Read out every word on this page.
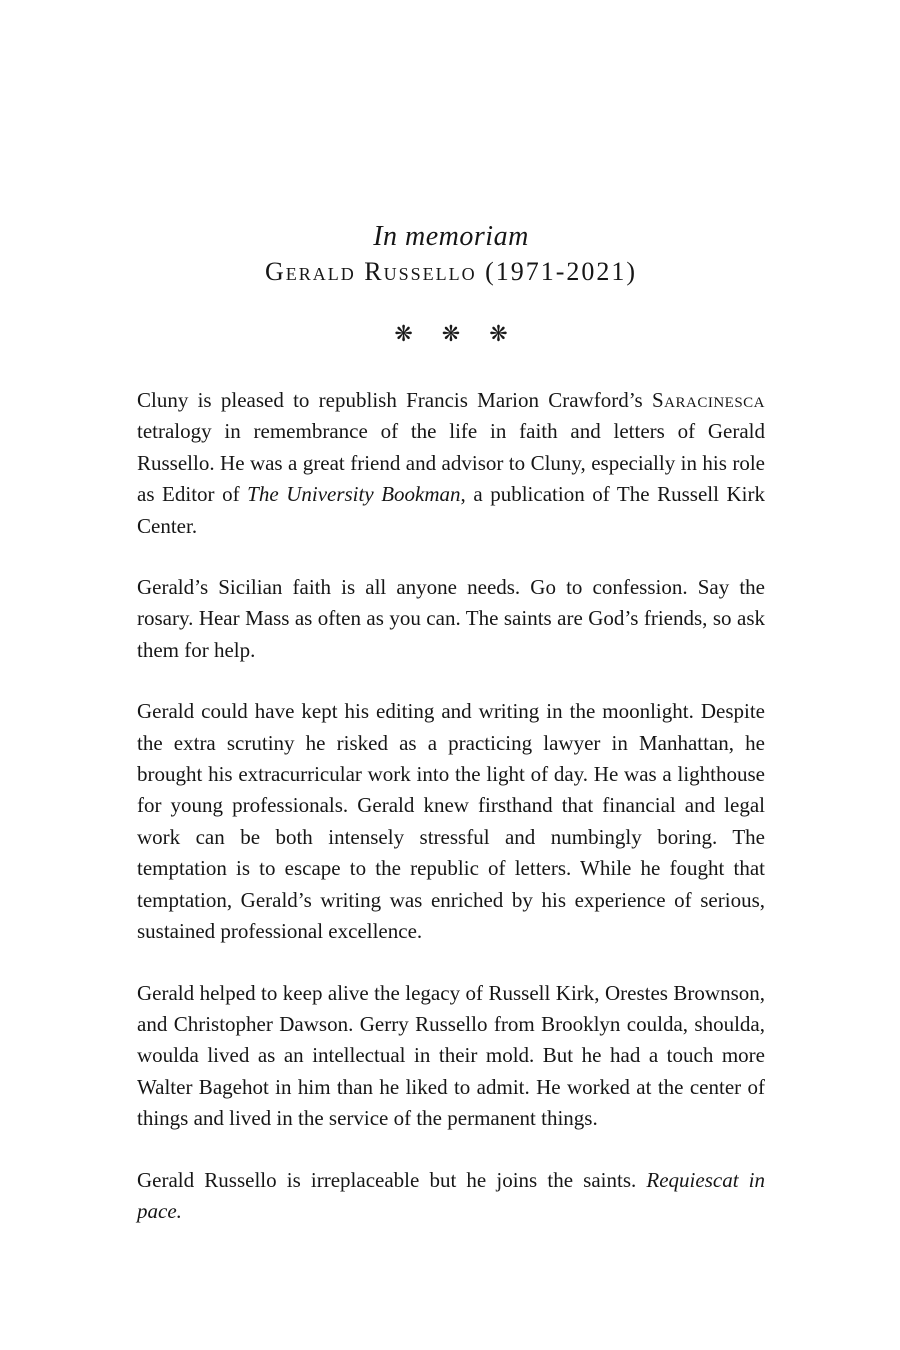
In memoriam
Gerald Russello (1971-2021)
❋ ❋ ❋

Cluny is pleased to republish Francis Marion Crawford’s Saracinesca tetralogy in remembrance of the life in faith and letters of Gerald Russello. He was a great friend and advisor to Cluny, especially in his role as Editor of The University Bookman, a publication of The Russell Kirk Center.

Gerald’s Sicilian faith is all anyone needs. Go to confession. Say the rosary. Hear Mass as often as you can. The saints are God’s friends, so ask them for help.

Gerald could have kept his editing and writing in the moonlight. Despite the extra scrutiny he risked as a practicing lawyer in Manhattan, he brought his extracurricular work into the light of day. He was a lighthouse for young professionals. Gerald knew firsthand that financial and legal work can be both intensely stressful and numbingly boring. The temptation is to escape to the republic of letters. While he fought that temptation, Gerald’s writing was enriched by his experience of serious, sustained professional excellence.

Gerald helped to keep alive the legacy of Russell Kirk, Orestes Brownson, and Christopher Dawson. Gerry Russello from Brooklyn coulda, shoulda, woulda lived as an intellectual in their mold. But he had a touch more Walter Bagehot in him than he liked to admit. He worked at the center of things and lived in the service of the permanent things.

Gerald Russello is irreplaceable but he joins the saints. Requiescat in pace.
